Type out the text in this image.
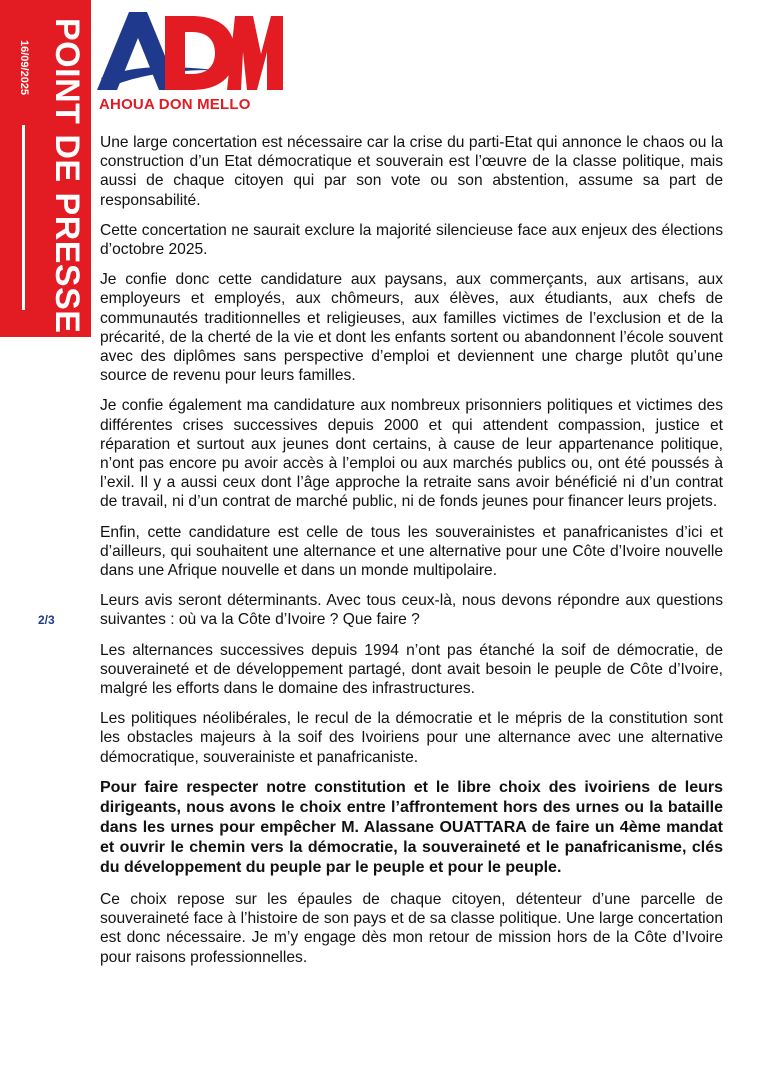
POINT DE PRESSE
16/09/2025
2/3
AHOUA DON MELLO

Une large concertation est nécessaire car la crise du parti-Etat qui annonce le chaos ou la construction d’un Etat démocratique et souverain est l’œuvre de la classe politique, mais aussi de chaque citoyen qui par son vote ou son abstention, assume sa part de responsabilité.

Cette concertation ne saurait exclure la majorité silencieuse face aux enjeux des élections d’octobre 2025.

Je confie donc cette candidature aux paysans, aux commerçants, aux artisans, aux employeurs et employés, aux chômeurs, aux élèves, aux étudiants, aux chefs de communautés traditionnelles et religieuses, aux familles victimes de l’exclusion et de la précarité, de la cherté de la vie et dont les enfants sortent ou abandonnent l’école souvent avec des diplômes sans perspective d’emploi et deviennent une charge plutôt qu’une source de revenu pour leurs familles.

Je confie également ma candidature aux nombreux prisonniers politiques et victimes des différentes crises successives depuis 2000 et qui attendent compassion, justice et réparation et surtout aux jeunes dont certains, à cause de leur appartenance politique, n’ont pas encore pu avoir accès à l’emploi ou aux marchés publics ou, ont été poussés à l’exil. Il y a aussi ceux dont l’âge approche la retraite sans avoir bénéficié ni d’un contrat de travail, ni d’un contrat de marché public, ni de fonds jeunes pour financer leurs projets.

Enfin, cette candidature est celle de tous les souverainistes et panafricanistes d’ici et d’ailleurs, qui souhaitent une alternance et une alternative pour une Côte d’Ivoire nouvelle dans une Afrique nouvelle et dans un monde multipolaire.

Leurs avis seront déterminants. Avec tous ceux-là, nous devons répondre aux questions suivantes : où va la Côte d’Ivoire ? Que faire ?

Les alternances successives depuis 1994 n’ont pas étanché la soif de démocratie, de souveraineté et de développement partagé, dont avait besoin le peuple de Côte d’Ivoire, malgré les efforts dans le domaine des infrastructures.

Les politiques néolibérales, le recul de la démocratie et le mépris de la constitution sont les obstacles majeurs à la soif des Ivoiriens pour une alternance avec une alternative démocratique, souverainiste et panafricaniste.

Pour faire respecter notre constitution et le libre choix des ivoiriens de leurs dirigeants, nous avons le choix entre l’affrontement hors des urnes ou la bataille dans les urnes pour empêcher M. Alassane OUATTARA de faire un 4ème mandat et ouvrir le chemin vers la démocratie, la souveraineté et le panafricanisme, clés du développement du peuple par le peuple et pour le peuple.

Ce choix repose sur les épaules de chaque citoyen, détenteur d’une parcelle de souveraineté face à l’histoire de son pays et de sa classe politique. Une large concertation est donc nécessaire. Je m’y engage dès mon retour de mission hors de la Côte d’Ivoire pour raisons professionnelles.
